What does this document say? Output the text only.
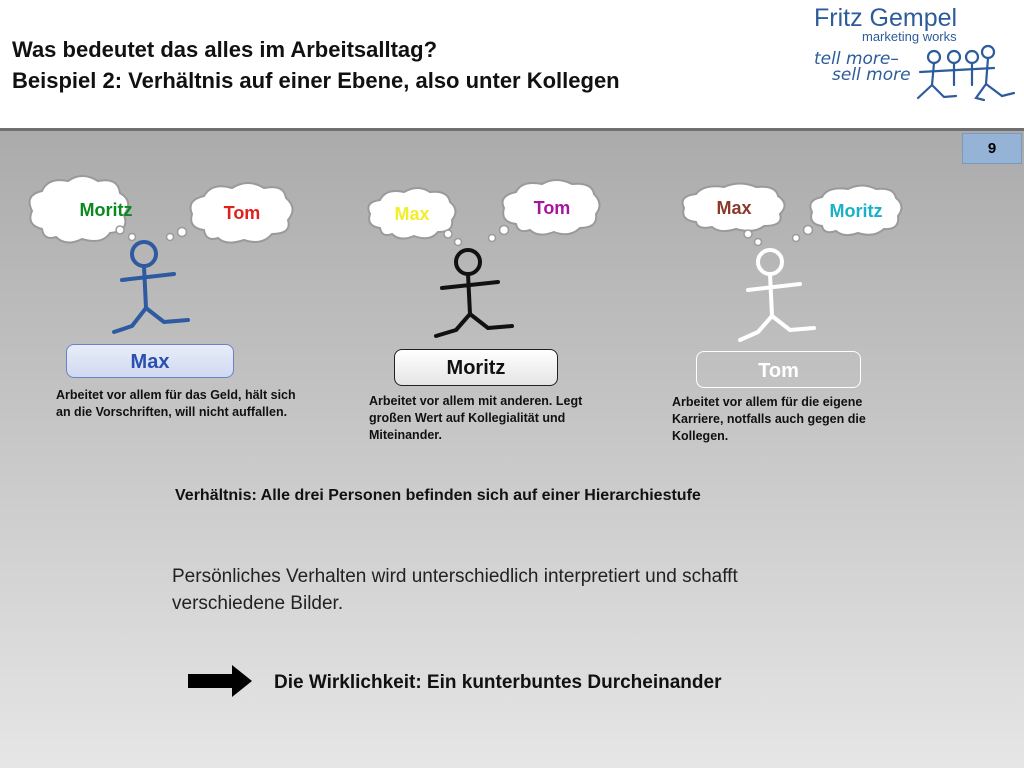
Was bedeutet das alles im Arbeitsalltag?
Beispiel 2: Verhältnis auf einer Ebene, also unter Kollegen
Fritz Gempel
marketing works
tell more–
sell more
9
Moritz	Tom
Max
Arbeitet vor allem für das Geld, hält sich an die Vorschriften, will nicht auffallen.
Max	Tom
Moritz
Arbeitet vor allem mit anderen. Legt großen Wert auf Kollegialität und Miteinander.
Max	Moritz
Tom
Arbeitet vor allem für die eigene Karriere, notfalls auch gegen die Kollegen.
Verhältnis: Alle drei Personen befinden sich auf einer Hierarchiestufe
Persönliches Verhalten wird unterschiedlich interpretiert und schafft verschiedene Bilder.
Die Wirklichkeit: Ein kunterbuntes Durcheinander
